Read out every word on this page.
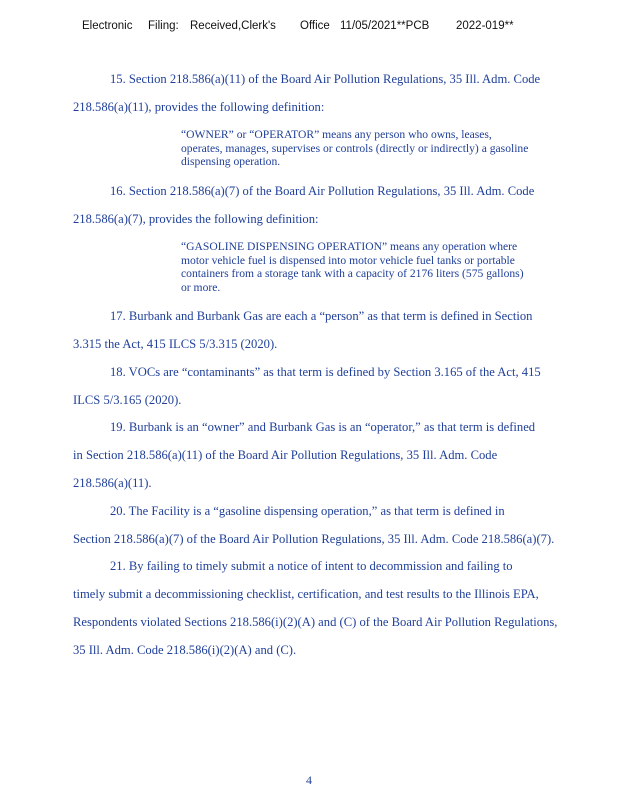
Electronic Filing: Received,Clerk's Office 11/05/2021**PCB 2022-019**
15. Section 218.586(a)(11) of the Board Air Pollution Regulations, 35 Ill. Adm. Code
218.586(a)(11), provides the following definition:
“OWNER” or “OPERATOR” means any person who owns, leases,
operates, manages, supervises or controls (directly or indirectly) a gasoline
dispensing operation.
16. Section 218.586(a)(7) of the Board Air Pollution Regulations, 35 Ill. Adm. Code
218.586(a)(7), provides the following definition:
“GASOLINE DISPENSING OPERATION” means any operation where
motor vehicle fuel is dispensed into motor vehicle fuel tanks or portable
containers from a storage tank with a capacity of 2176 liters (575 gallons)
or more.
17. Burbank and Burbank Gas are each a “person” as that term is defined in Section
3.315 the Act, 415 ILCS 5/3.315 (2020).
18. VOCs are “contaminants” as that term is defined by Section 3.165 of the Act, 415
ILCS 5/3.165 (2020).
19. Burbank is an “owner” and Burbank Gas is an “operator,” as that term is defined
in Section 218.586(a)(11) of the Board Air Pollution Regulations, 35 Ill. Adm. Code
218.586(a)(11).
20. The Facility is a “gasoline dispensing operation,” as that term is defined in
Section 218.586(a)(7) of the Board Air Pollution Regulations, 35 Ill. Adm. Code 218.586(a)(7).
21. By failing to timely submit a notice of intent to decommission and failing to
timely submit a decommissioning checklist, certification, and test results to the Illinois EPA,
Respondents violated Sections 218.586(i)(2)(A) and (C) of the Board Air Pollution Regulations,
35 Ill. Adm. Code 218.586(i)(2)(A) and (C).
4
